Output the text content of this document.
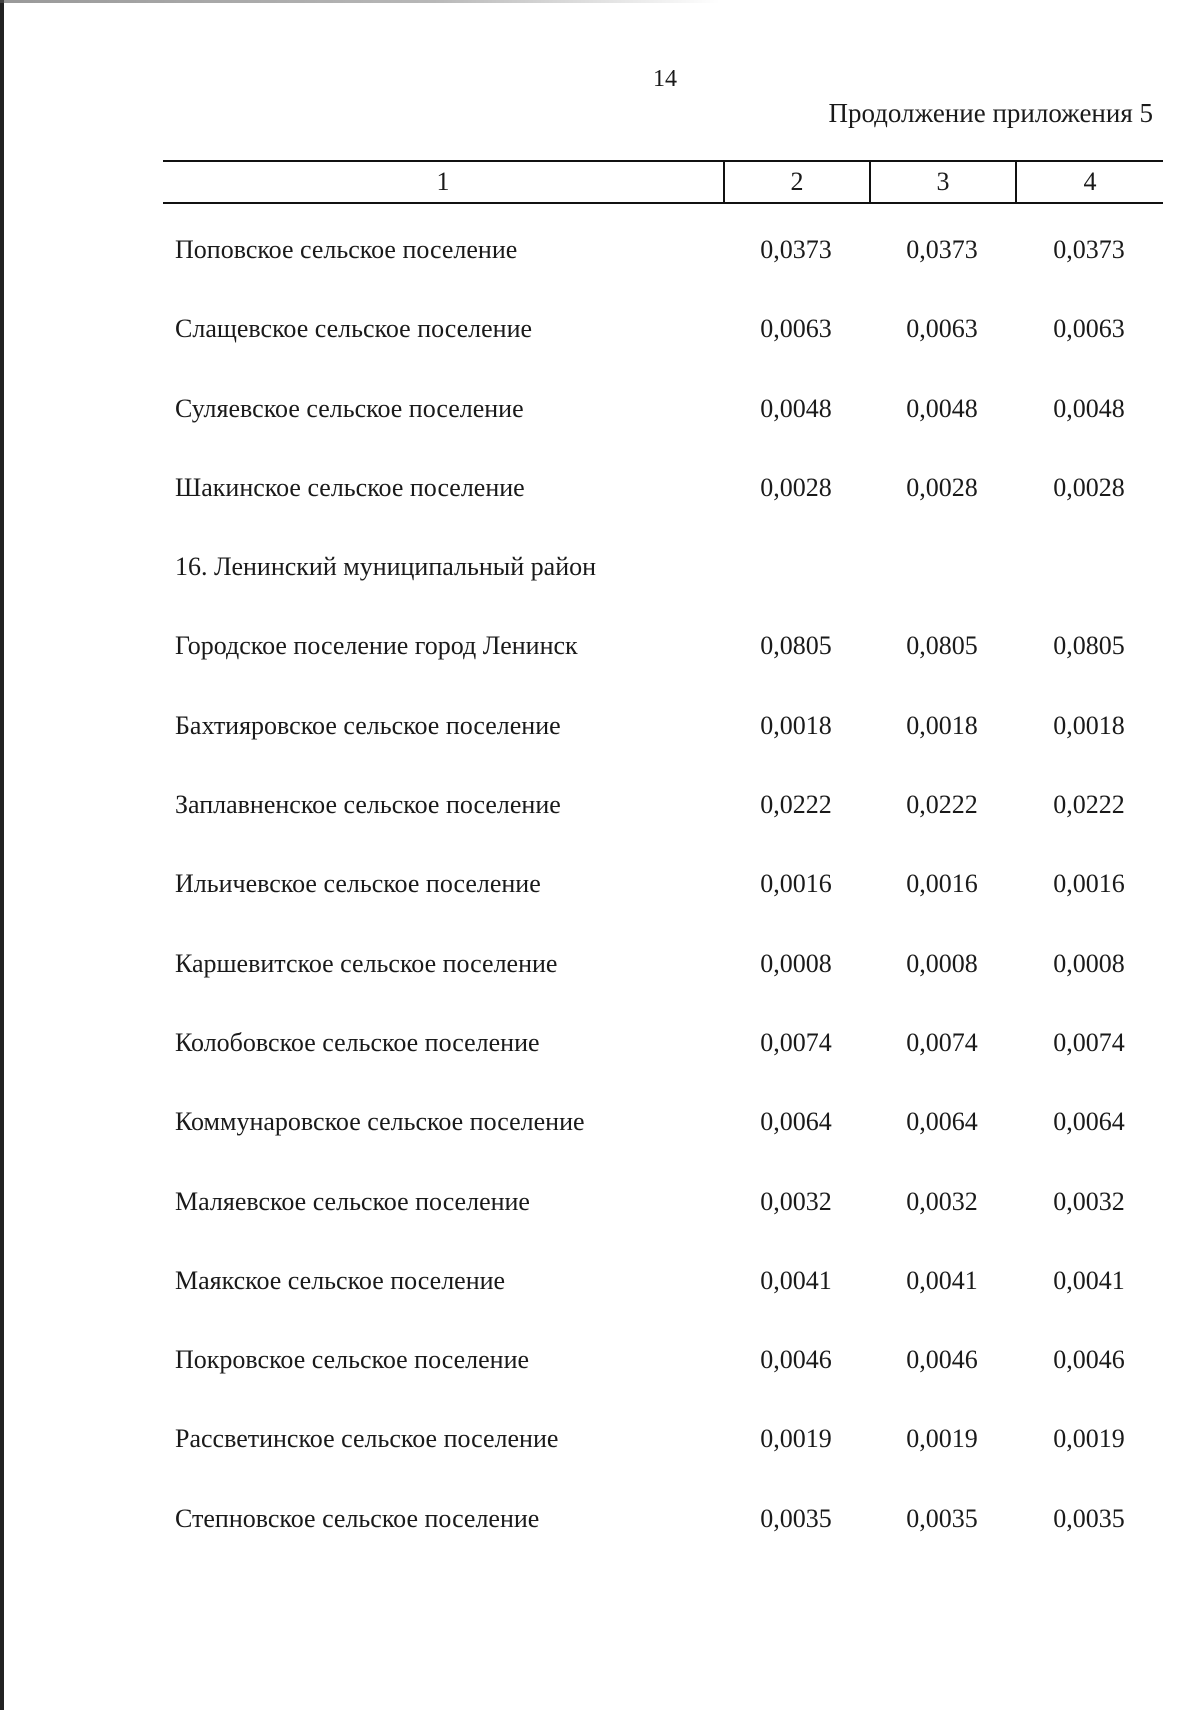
14
Продолжение приложения 5
1	2	3	4
Поповское сельское поселение	0,0373	0,0373	0,0373
Слащевское сельское поселение	0,0063	0,0063	0,0063
Суляевское сельское поселение	0,0048	0,0048	0,0048
Шакинское сельское поселение	0,0028	0,0028	0,0028
16. Ленинский муниципальный район
Городское поселение город Ленинск	0,0805	0,0805	0,0805
Бахтияровское сельское поселение	0,0018	0,0018	0,0018
Заплавненское сельское поселение	0,0222	0,0222	0,0222
Ильичевское сельское поселение	0,0016	0,0016	0,0016
Каршевитское сельское поселение	0,0008	0,0008	0,0008
Колобовское сельское поселение	0,0074	0,0074	0,0074
Коммунаровское сельское поселение	0,0064	0,0064	0,0064
Маляевское сельское поселение	0,0032	0,0032	0,0032
Маякское сельское поселение	0,0041	0,0041	0,0041
Покровское сельское поселение	0,0046	0,0046	0,0046
Рассветинское сельское поселение	0,0019	0,0019	0,0019
Степновское сельское поселение	0,0035	0,0035	0,0035
